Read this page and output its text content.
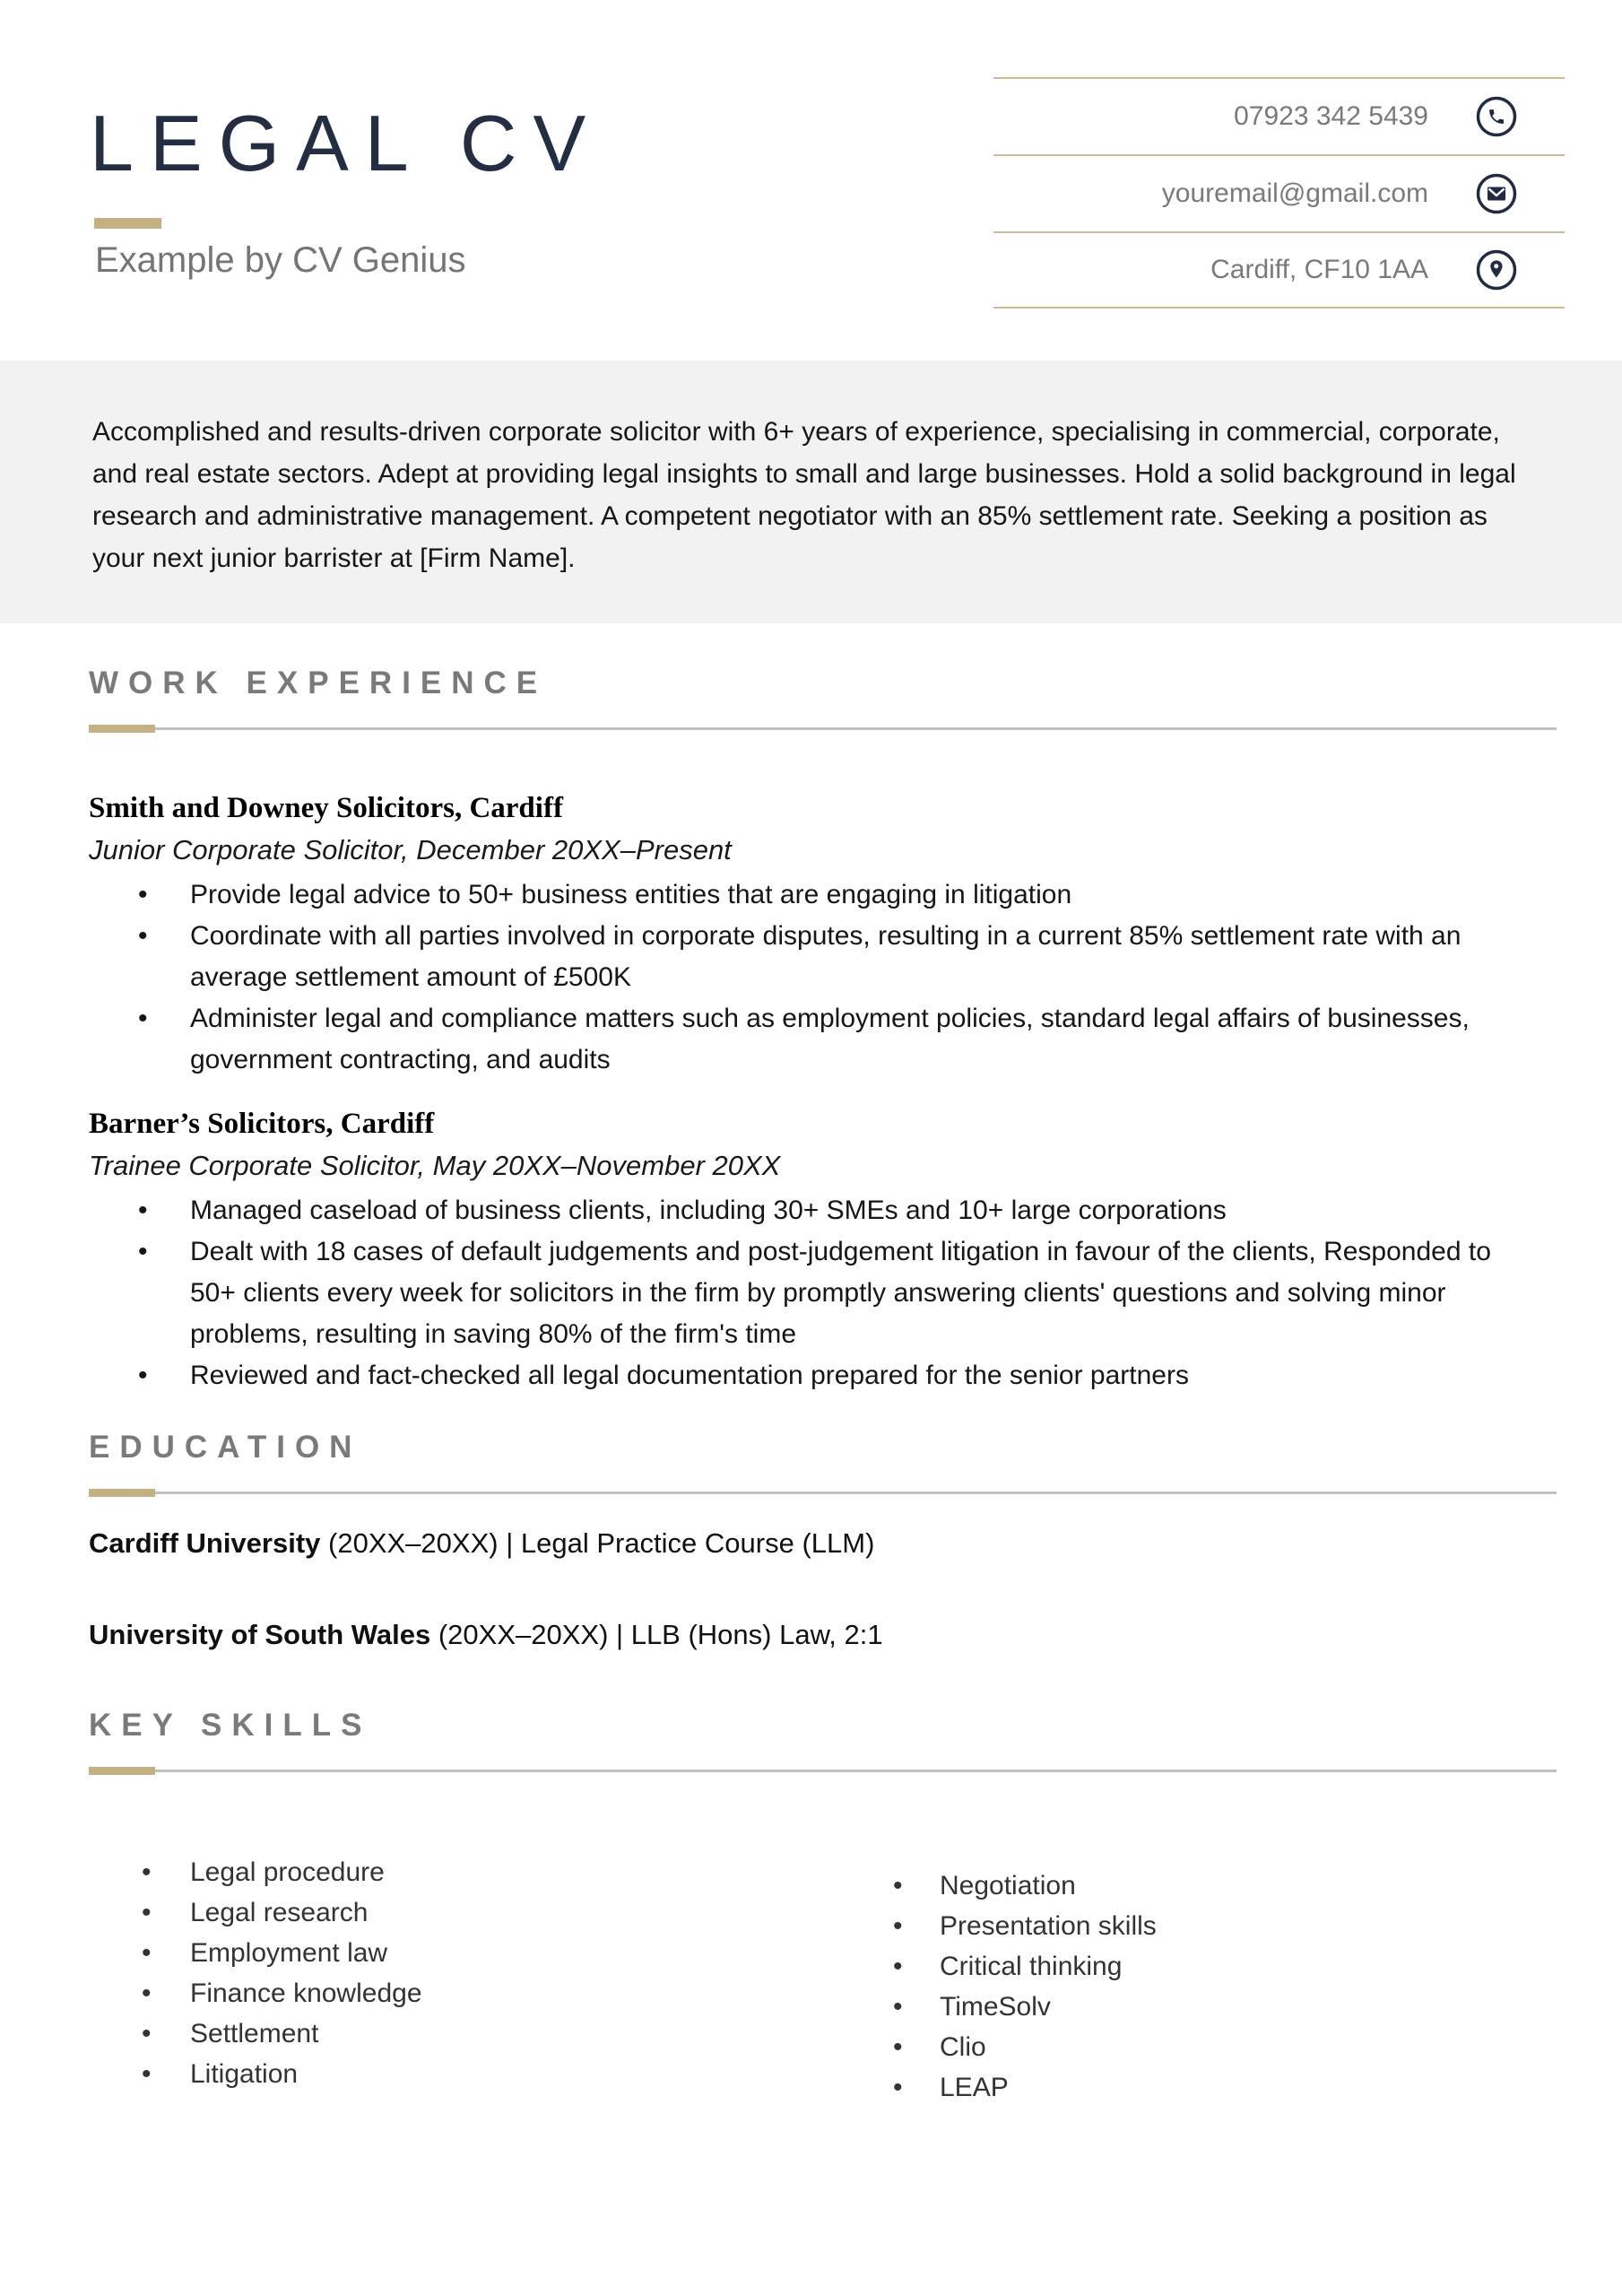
LEGAL CV
Example by CV Genius
07923 342 5439
youremail@gmail.com
Cardiff, CF10 1AA

Accomplished and results-driven corporate solicitor with 6+ years of experience, specialising in commercial, corporate, and real estate sectors. Adept at providing legal insights to small and large businesses. Hold a solid background in legal research and administrative management. A competent negotiator with an 85% settlement rate. Seeking a position as your next junior barrister at [Firm Name].

WORK EXPERIENCE
Smith and Downey Solicitors, Cardiff
Junior Corporate Solicitor, December 20XX–Present
• Provide legal advice to 50+ business entities that are engaging in litigation
• Coordinate with all parties involved in corporate disputes, resulting in a current 85% settlement rate with an average settlement amount of £500K
• Administer legal and compliance matters such as employment policies, standard legal affairs of businesses, government contracting, and audits
Barner’s Solicitors, Cardiff
Trainee Corporate Solicitor, May 20XX–November 20XX
• Managed caseload of business clients, including 30+ SMEs and 10+ large corporations
• Dealt with 18 cases of default judgements and post-judgement litigation in favour of the clients, Responded to 50+ clients every week for solicitors in the firm by promptly answering clients' questions and solving minor problems, resulting in saving 80% of the firm's time
• Reviewed and fact-checked all legal documentation prepared for the senior partners
EDUCATION
Cardiff University (20XX–20XX) | Legal Practice Course (LLM)
University of South Wales (20XX–20XX) | LLB (Hons) Law, 2:1
KEY SKILLS
• Legal procedure
• Legal research
• Employment law
• Finance knowledge
• Settlement
• Litigation
• Negotiation
• Presentation skills
• Critical thinking
• TimeSolv
• Clio
• LEAP
